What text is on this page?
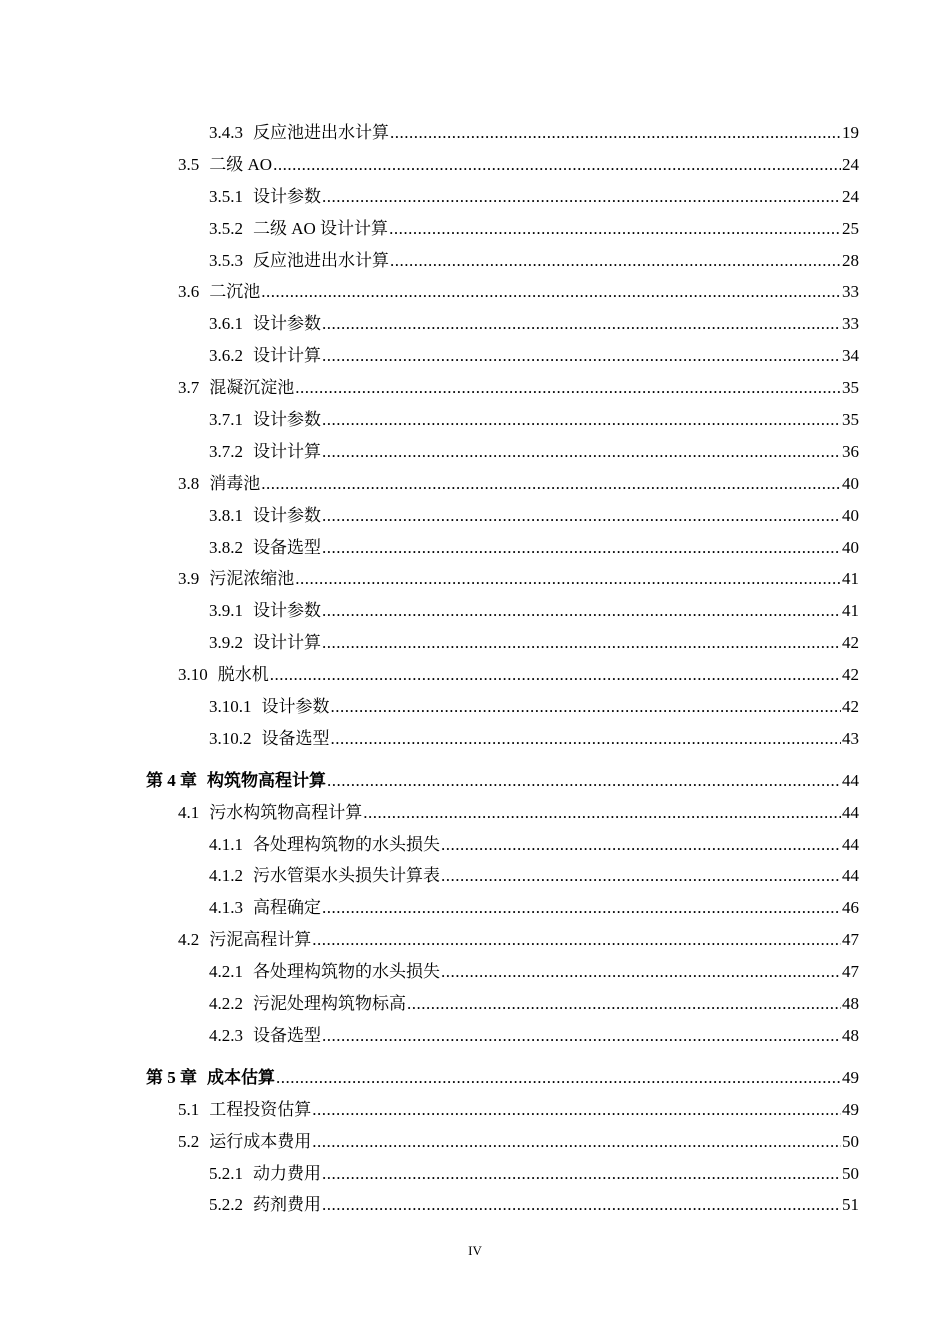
3.4.3 反应池进出水计算 .....	19
3.5 二级 AO .....	24
3.5.1 设计参数 .....	24
3.5.2 二级 AO 设计计算 .....	25
3.5.3 反应池进出水计算 .....	28
3.6 二沉池 .....	33
3.6.1 设计参数 .....	33
3.6.2 设计计算 .....	34
3.7 混凝沉淀池 .....	35
3.7.1 设计参数 .....	35
3.7.2 设计计算 .....	36
3.8 消毒池 .....	40
3.8.1 设计参数 .....	40
3.8.2 设备选型 .....	40
3.9 污泥浓缩池 .....	41
3.9.1 设计参数 .....	41
3.9.2 设计计算 .....	42
3.10 脱水机 .....	42
3.10.1 设计参数 .....	42
3.10.2 设备选型 .....	43
第 4 章 构筑物高程计算 .....	44
4.1 污水构筑物高程计算 .....	44
4.1.1 各处理构筑物的水头损失 .....	44
4.1.2 污水管渠水头损失计算表 .....	44
4.1.3 高程确定 .....	46
4.2 污泥高程计算 .....	47
4.2.1 各处理构筑物的水头损失 .....	47
4.2.2 污泥处理构筑物标高 .....	48
4.2.3 设备选型 .....	48
第 5 章 成本估算 .....	49
5.1 工程投资估算 .....	49
5.2 运行成本费用 .....	50
5.2.1 动力费用 .....	50
5.2.2 药剂费用 .....	51
IV
